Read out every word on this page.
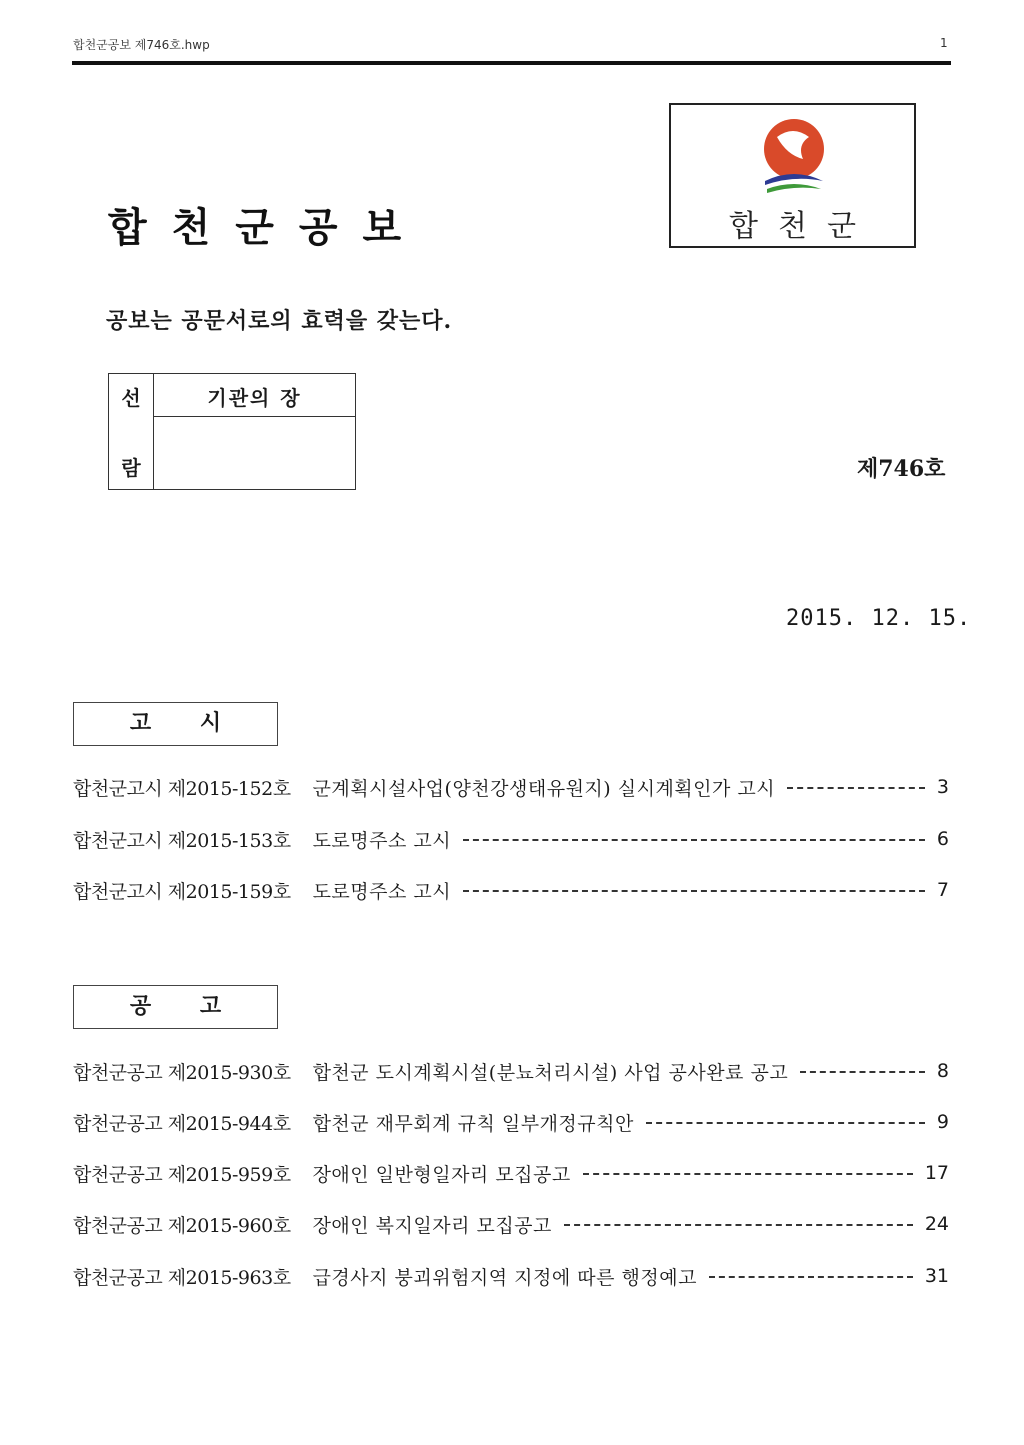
합천군공보 제746호.hwp	1
합천군공보	합천군
공보는 공문서로의 효력을 갖는다.
선
람
기관의 장
제746호
2015. 12. 15.
고 시
합천군고시 제2015-152호 군계획시설사업(양천강생태유원지) 실시계획인가 고시	3
합천군고시 제2015-153호 도로명주소 고시	6
합천군고시 제2015-159호 도로명주소 고시	7
공 고
합천군공고 제2015-930호 합천군 도시계획시설(분뇨처리시설) 사업 공사완료 공고	8
합천군공고 제2015-944호 합천군 재무회계 규칙 일부개정규칙안	9
합천군공고 제2015-959호 장애인 일반형일자리 모집공고	17
합천군공고 제2015-960호 장애인 복지일자리 모집공고	24
합천군공고 제2015-963호 급경사지 붕괴위험지역 지정에 따른 행정예고	31
